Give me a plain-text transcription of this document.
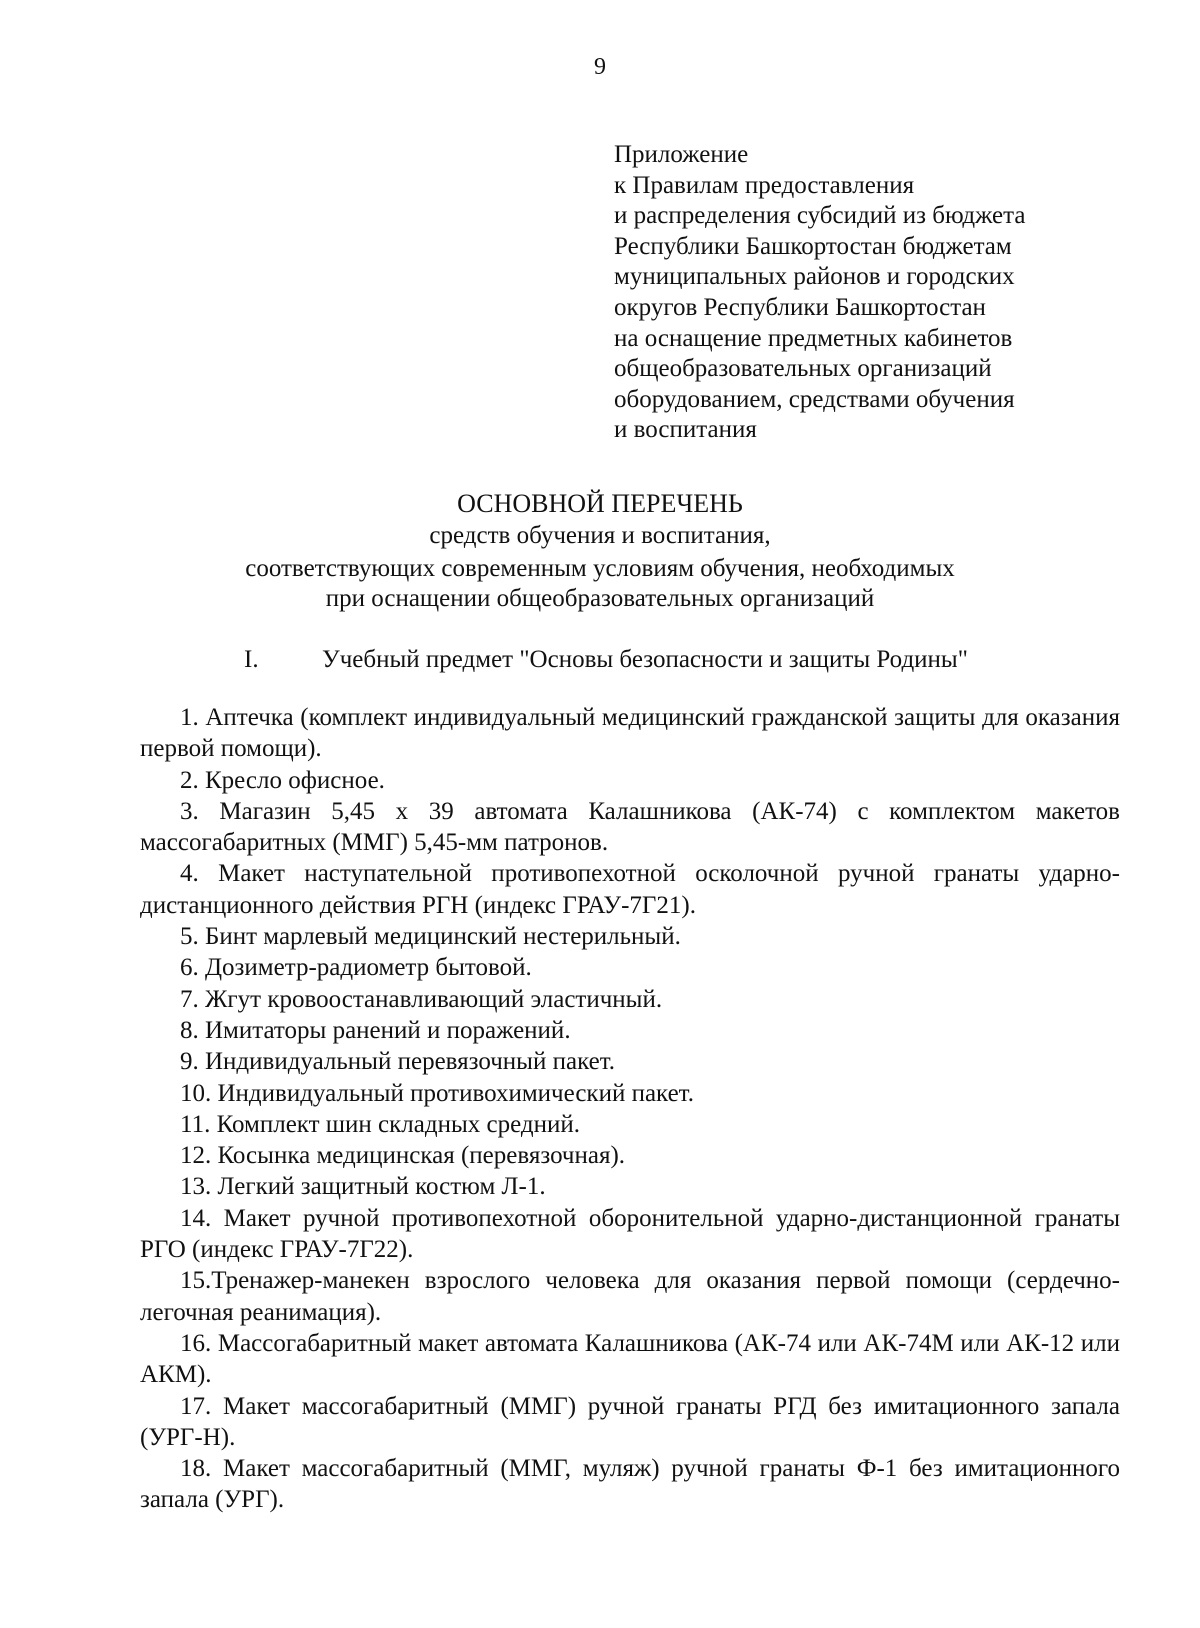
9
Приложение
к Правилам предоставления
и распределения субсидий из бюджета
Республики Башкортостан бюджетам
муниципальных районов и городских
округов Республики Башкортостан
на оснащение предметных кабинетов
общеобразовательных организаций
оборудованием, средствами обучения
и воспитания
ОСНОВНОЙ ПЕРЕЧЕНЬ
средств обучения и воспитания,
соответствующих современным условиям обучения, необходимых
при оснащении общеобразовательных организаций
I.	Учебный предмет "Основы безопасности и защиты Родины"

1. Аптечка (комплект индивидуальный медицинский гражданской защиты для оказания первой помощи).

2. Кресло офисное.

3. Магазин 5,45 х 39 автомата Калашникова (АК-74) с комплектом макетов массогабаритных (ММГ) 5,45-мм патронов.

4. Макет наступательной противопехотной осколочной ручной гранаты ударно-дистанционного действия РГН (индекс ГРАУ-7Г21).

5. Бинт марлевый медицинский нестерильный.

6. Дозиметр-радиометр бытовой.

7. Жгут кровоостанавливающий эластичный.

8. Имитаторы ранений и поражений.

9. Индивидуальный перевязочный пакет.

10. Индивидуальный противохимический пакет.

11. Комплект шин складных средний.

12. Косынка медицинская (перевязочная).

13. Легкий защитный костюм Л-1.

14. Макет ручной противопехотной оборонительной ударно-дистанционной гранаты РГО (индекс ГРАУ-7Г22).

15.Тренажер-манекен взрослого человека для оказания первой помощи (сердечно-легочная реанимация).

16. Массогабаритный макет автомата Калашникова (АК-74 или АК-74М или АК-12 или АКМ).

17. Макет массогабаритный (ММГ) ручной гранаты РГД без имитационного запала (УРГ-Н).

18. Макет массогабаритный (ММГ, муляж) ручной гранаты Ф-1 без имитационного запала (УРГ).
